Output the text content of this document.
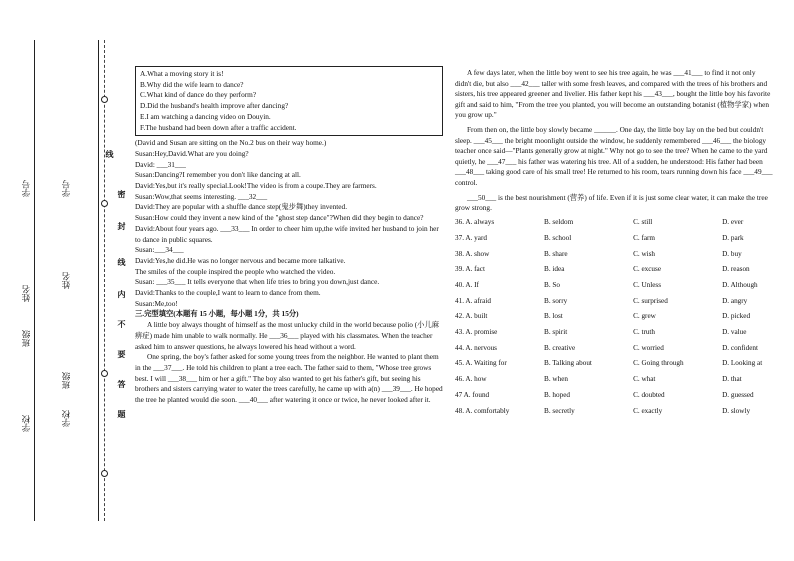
学校
班级
姓名
学号
学校
班级
姓名
学号
线
密
封
线
内
不
要
答
题

A.What a moving story it is!

B.Why did the wife learn to dance?

C.What kind of dance do they perform?

D.Did the husband's health improve after dancing?

E.I am watching a dancing video on Douyin.

F.The husband had been down after a traffic accident.

(David and Susan are sitting on the No.2 bus on their way home.)

Susan:Hey,David.What are you doing?

David: ___31___

Susan:Dancing?I remember you don't like dancing at all.

David:Yes,but it's really special.Look!The video is from a coupe.They are farmers.

Susan:Wow,that seems interesting. ___32___

David:They are popular with a shuffle dance step(鬼步舞)they invented.

Susan:How could they invent a new kind of the "ghost step dance"?When did they begin to dance?

David:About four years ago. ___33___ In order to cheer him up,the wife invited her husband to join her to dance in public squares.

Susan:___34___

David:Yes,he did.He was no longer nervous and became more talkative.

The smiles of the couple inspired the people who watched the video.

Susan: ___35___ It tells everyone that when life tries to bring you down,just dance.

David:Thanks to the couple,I want to learn to dance from them.

Susan:Me,too!

三.完型填空(本题有 15 小题，每小题 1分，共 15分)

A little boy always thought of himself as the most unlucky child in the world because polio (小儿麻痹症) made him unable to walk normally. He ___36___ played with his classmates. When the teacher asked him to answer questions, he always lowered his head without a word.

One spring, the boy's father asked for some young trees from the neighbor. He wanted to plant them in the ___37___. He told his children to plant a tree each. The father said to them, "Whose tree grows best. I will ___38___ him or her a gift." The boy also wanted to get his father's gift, but seeing his brothers and sisters carrying water to water the trees carefully, he came up with a(n) ___39___. He hoped the tree he planted would die soon. ___40___ after watering it once or twice, he never looked after it.

A few days later, when the little boy went to see his tree again, he was ___41___ to find it not only didn't die, but also ___42___ taller with some fresh leaves, and compared with the trees of his brothers and sisters, his tree appeared greener and livelier. His father kept his ___43___, bought the little boy his favorite gift and said to him, "From the tree you planted, you will become an outstanding botanist (植物学家) when you grow up."

From then on, the little boy slowly became ______. One day, the little boy lay on the bed but couldn't sleep. ___45___ the bright moonlight outside the window, he suddenly remembered ___46___ the biology teacher once said—"Plants generally grow at night." Why not go to see the tree? When he came to the yard quietly, he ___47___ his father was watering his tree. All of a sudden, he understood: His father had been ___48___ taking good care of his small tree! He returned to his room, tears running down his face ___49___ control.

___50___ is the best nourishment (营养) of life. Even if it is just some clear water, it can make the tree grow strong.

36. A. always	B. seldom	C. still	D. ever
37. A. yard	B. school	C. farm	D. park
38. A. show	B. share	C. wish	D. buy
39. A. fact	B. idea	C. excuse	D. reason
40. A. If	B. So	C. Unless	D. Although
41. A. afraid	B. sorry	C. surprised	D. angry
42. A. built	B. lost	C. grew	D. picked
43. A. promise	B. spirit	C. truth	D. value
44. A. nervous	B. creative	C. worried	D. confident
45. A. Waiting for	B. Talking about	C. Going through	D. Looking at
46. A. how	B. when	C. what	D. that
47 A. found	B. hoped	C. doubted	D. guessed
48. A. comfortably	B. secretly	C. exactly	D. slowly
